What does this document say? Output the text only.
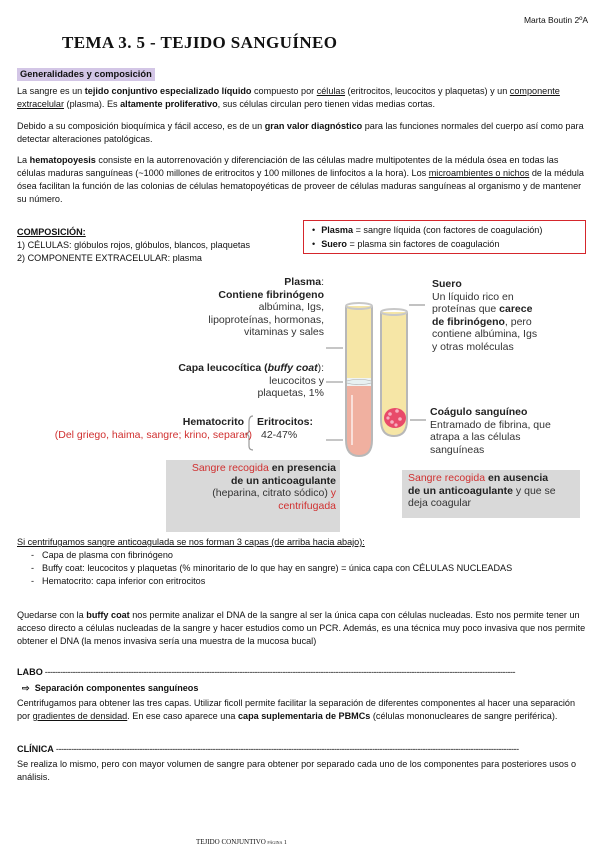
Marta Boutin 2ºA
TEMA 3. 5 - TEJIDO SANGUÍNEO
Generalidades y composición

La sangre es un tejido conjuntivo especializado líquido compuesto por células (eritrocitos, leucocitos y plaquetas) y un componente extracelular (plasma). Es altamente proliferativo, sus células circulan pero tienen vidas medias cortas.

Debido a su composición bioquímica y fácil acceso, es de un gran valor diagnóstico para las funciones normales del cuerpo así como para detectar alteraciones patológicas.

La hematopoyesis consiste en la autorrenovación y diferenciación de las células madre multipotentes de la médula ósea en todas las células maduras sanguíneas (~1000 millones de eritrocitos y 100 millones de linfocitos a la hora). Los microambientes o nichos de la médula ósea facilitan la función de las colonias de células hematopoyéticas de proveer de células maduras sanguíneas al organismo y de mantener su número.

COMPOSICIÓN:
1) CÉLULAS: glóbulos rojos, glóbulos, blancos, plaquetas
2) COMPONENTE EXTRACELULAR: plasma
• Plasma = sangre líquida (con factores de coagulación)
• Suero = plasma sin factores de coagulación
Plasma:
Contiene fibrinógeno
albúmina, Igs,
lipoproteínas, hormonas,
vitaminas y sales
Capa leucocítica (buffy coat): leucocitos y
plaquetas, 1%
Eritrocitos:
42-47%
Hematocrito
(Del griego, haima, sangre; krino, separar)
Suero
Un líquido rico en
proteínas que carece
de fibrinógeno, pero
contiene albúmina, Igs
y otras moléculas
Coágulo sanguíneo
Entramado de fibrina, que
atrapa a las células
sanguíneas
Sangre recogida en presencia
de un anticoagulante
(heparina, citrato sódico) y
centrifugada
Sangre recogida en ausencia
de un anticoagulante y que se
deja coagular
Si centrifugamos sangre anticoagulada se nos forman 3 capas (de arriba hacia abajo):
- Capa de plasma con fibrinógeno
- Buffy coat: leucocitos y plaquetas (% minoritario de lo que hay en sangre) = única capa con CÉLULAS NUCLEADAS
- Hematocrito: capa inferior con eritrocitos

Quedarse con la buffy coat nos permite analizar el DNA de la sangre al ser la única capa con células nucleadas. Esto nos permite tener un acceso directo a células nucleadas de la sangre y hacer estudios como un PCR. Además, es una técnica muy poco invasiva que nos permite obtener el DNA (la menos invasiva sería una muestra de la mucosa bucal)

LABO ------------------------------------------------------------------------------------------------------------------------------------------------------------------------------------------
⇨ Separación componentes sanguíneos

Centrifugamos para obtener las tres capas. Utilizar ficoll permite facilitar la separación de diferentes componentes al hacer una separación por gradientes de densidad. En ese caso aparece una capa suplementaria de PBMCs (células mononucleares de sangre periférica).

CLÍNICA ---------------------------------------------------------------------------------------------------------------------------------------------------------------------------------------

Se realiza lo mismo, pero con mayor volumen de sangre para obtener por separado cada uno de los componentes para posteriores usos o análisis.

TEJIDO CONJUNTIVO página 1
